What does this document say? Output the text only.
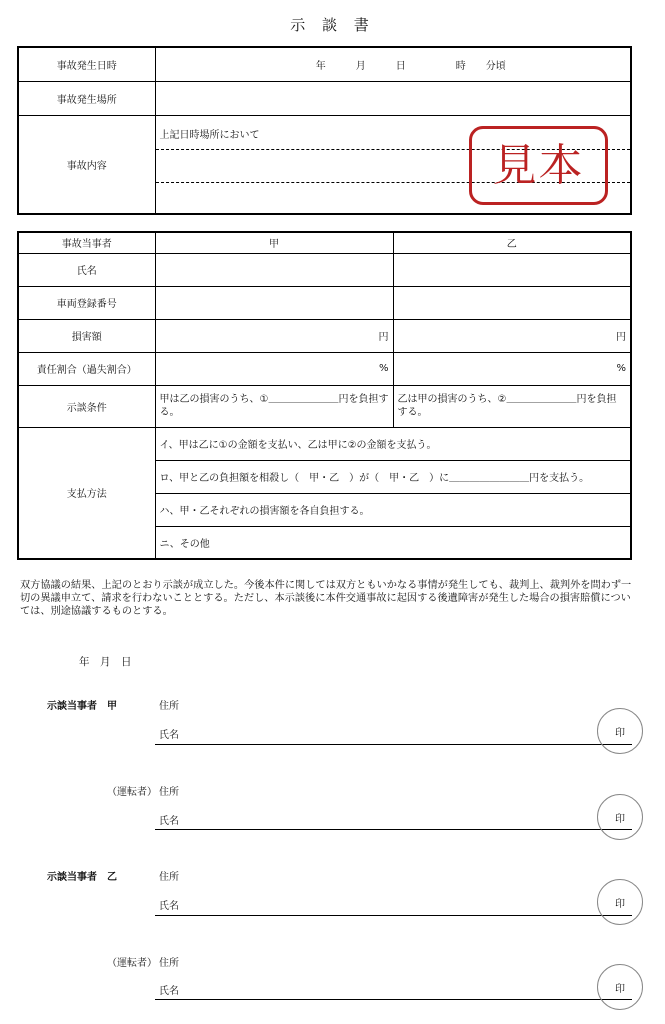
示 談 書
事故発生日時	年　　　月　　　日　　　　　時　　分頃
事故発生場所	
事故内容	上記日時場所において
見本
事故当事者	甲	乙
氏名		
車両登録番号		
損害額	円	円
責任割合（過失割合）	%	%
示談条件	甲は乙の損害のうち、①＿＿＿＿＿＿＿円を負担する。	乙は甲の損害のうち、②＿＿＿＿＿＿＿円を負担する。
支払方法	イ、甲は乙に①の金額を支払い、乙は甲に②の金額を支払う。	
	ロ、甲と乙の負担額を相殺し（　甲・乙　）が（　甲・乙　）に＿＿＿＿＿＿＿＿円を支払う。	
	ハ、甲・乙それぞれの損害額を各自負担する。	
	ニ、その他	
双方協議の結果、上記のとおり示談が成立した。今後本件に関しては双方ともいかなる事情が発生しても、裁判上、裁判外を問わず一切の異議申立て、請求を行わないこととする。ただし、本示談後に本件交通事故に起因する後遺障害が発生した場合の損害賠償については、別途協議するものとする。
年　月　日
示談当事者　甲	住所
氏名	印
（運転者） 住所
氏名	印
示談当事者　乙	住所
氏名	印
（運転者） 住所
氏名	印
